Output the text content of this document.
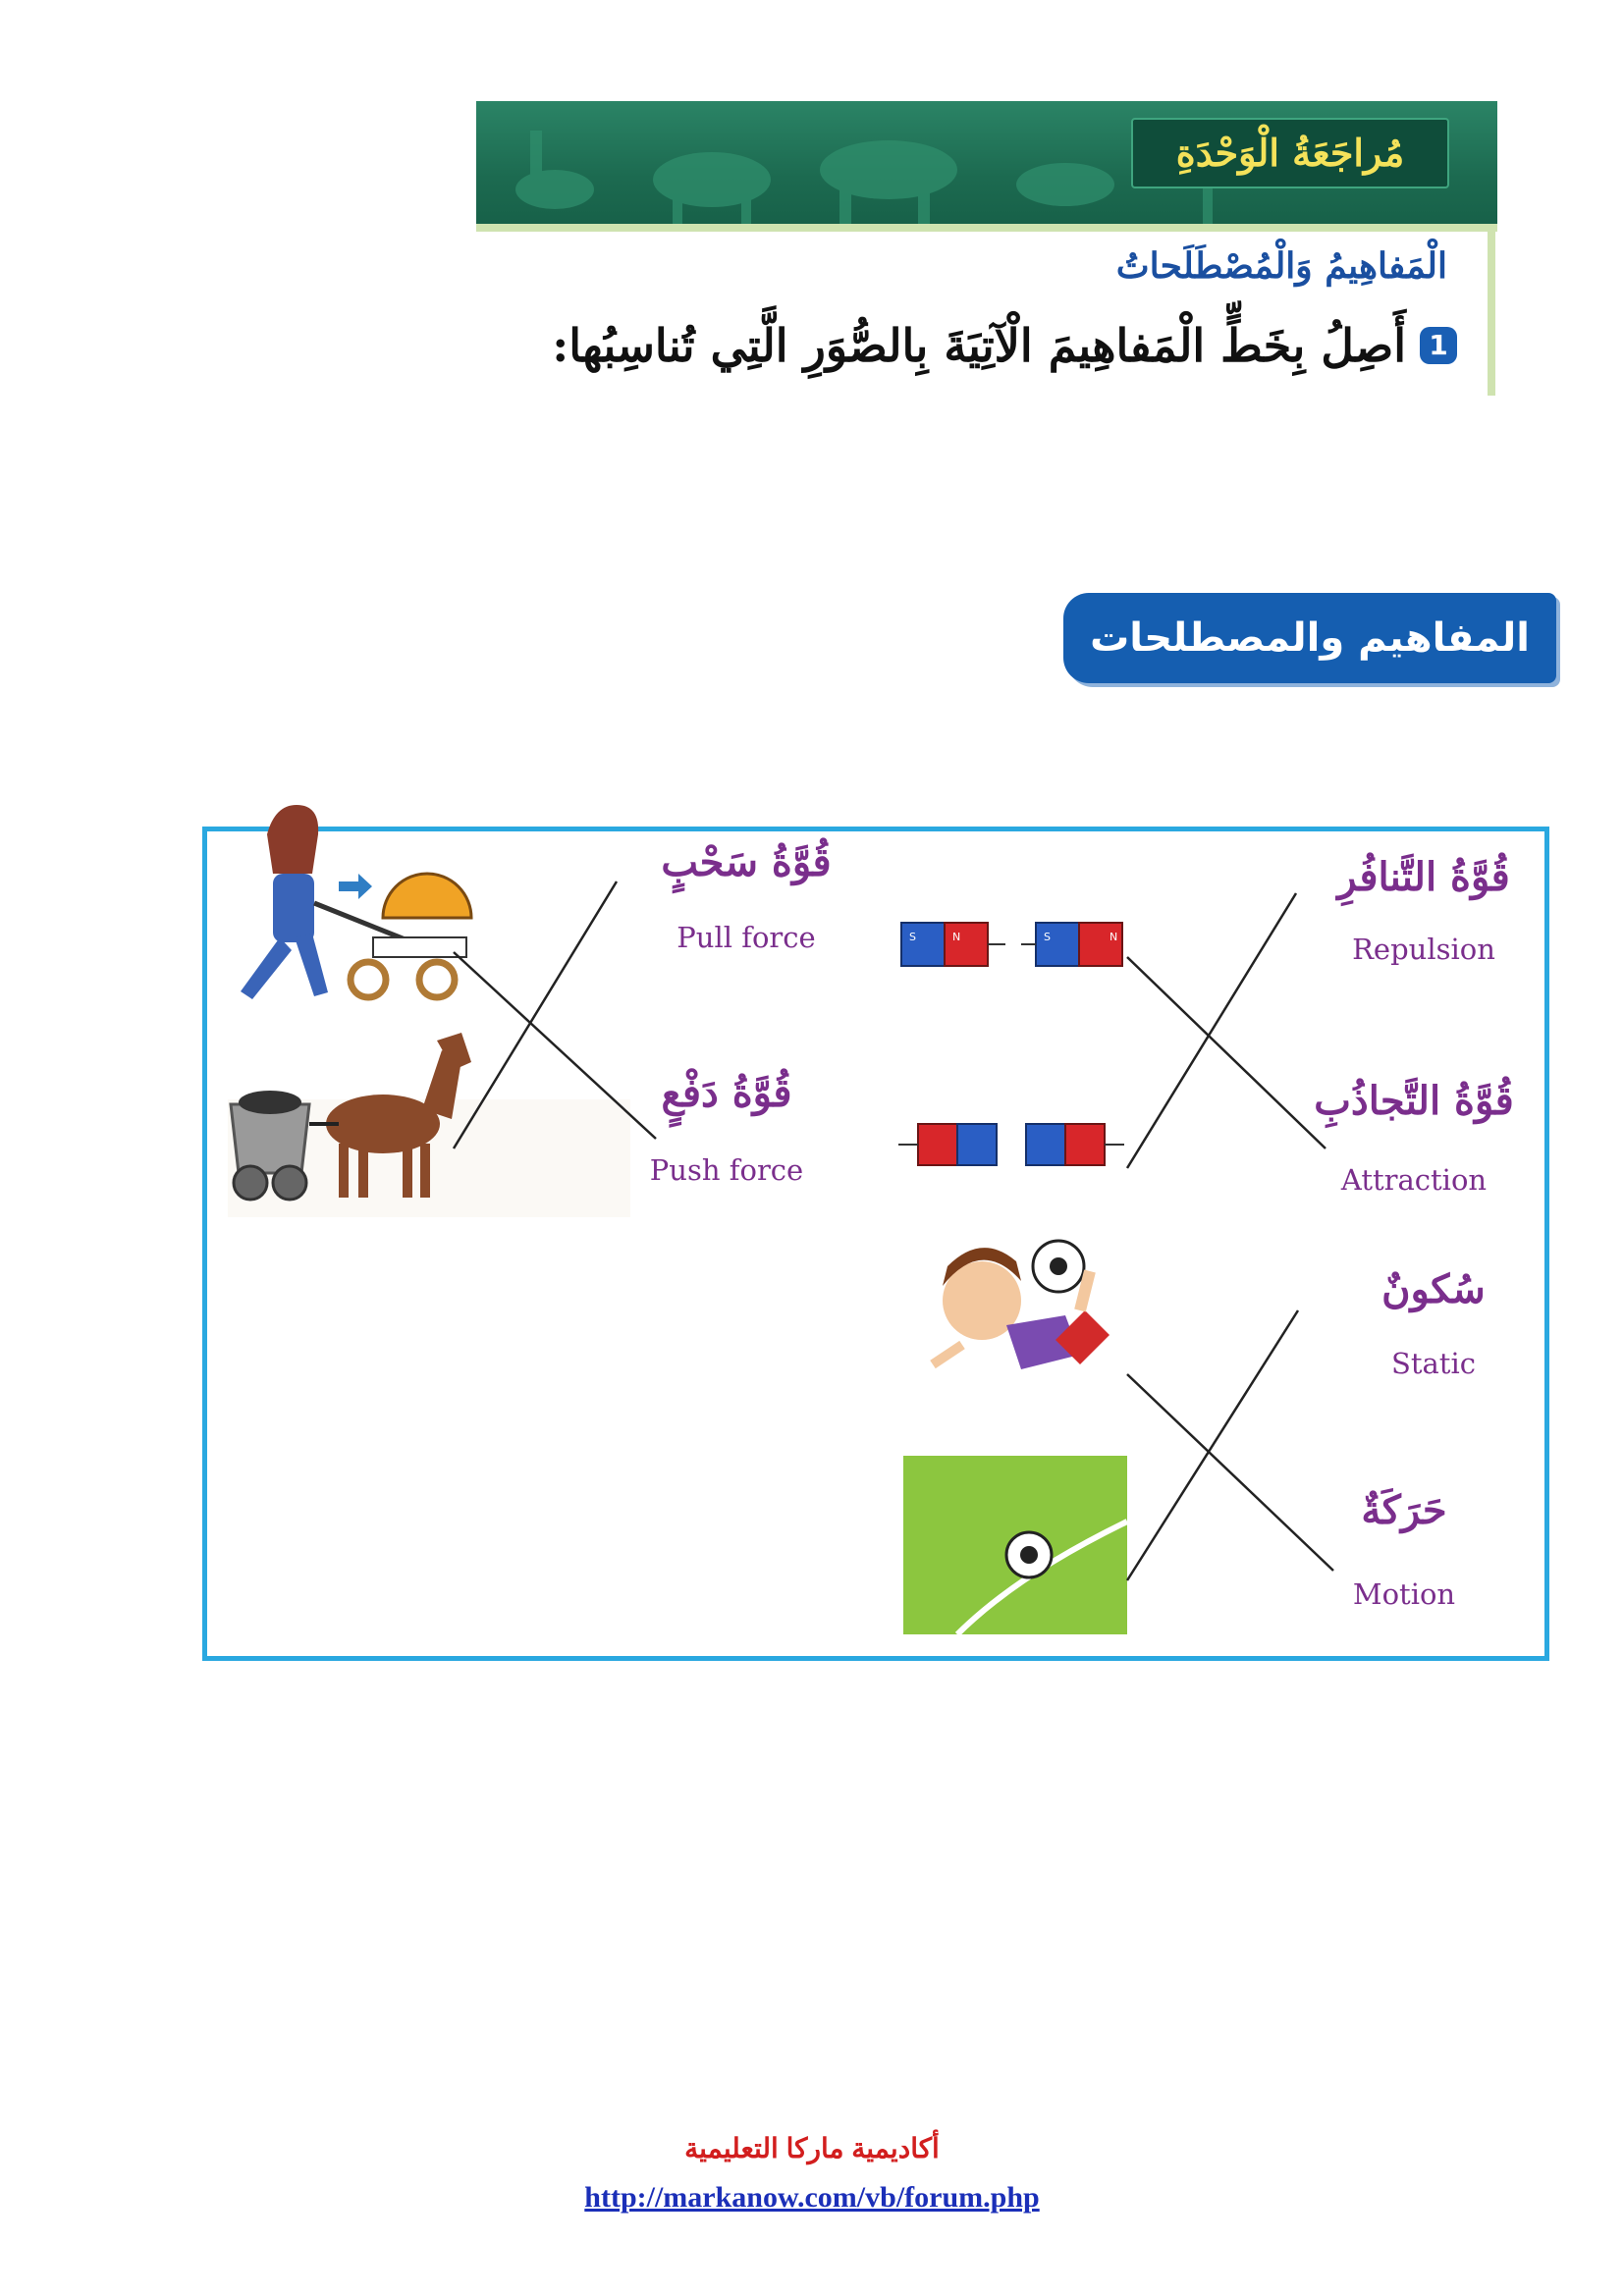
مُراجَعَةُ الْوَحْدَةِ
الْمَفاهِيمُ وَالْمُصْطَلَحاتُ
1
أَصِلُ بِخَطٍّ الْمَفاهِيمَ الْآتِيَةَ بِالصُّوَرِ الَّتِي تُناسِبُها:
المفاهيم والمصطلحات
S	N	S	N
قُوَّةُ سَحْبٍ
Pull force
قُوَّةُ دَفْعٍ
Push force
قُوَّةُ التَّنافُرِ
Repulsion
قُوَّةُ التَّجاذُبِ
Attraction
سُكونٌ
Static
حَرَكَةٌ
Motion
أكاديمية ماركا التعليمية
http://markanow.com/vb/forum.php
